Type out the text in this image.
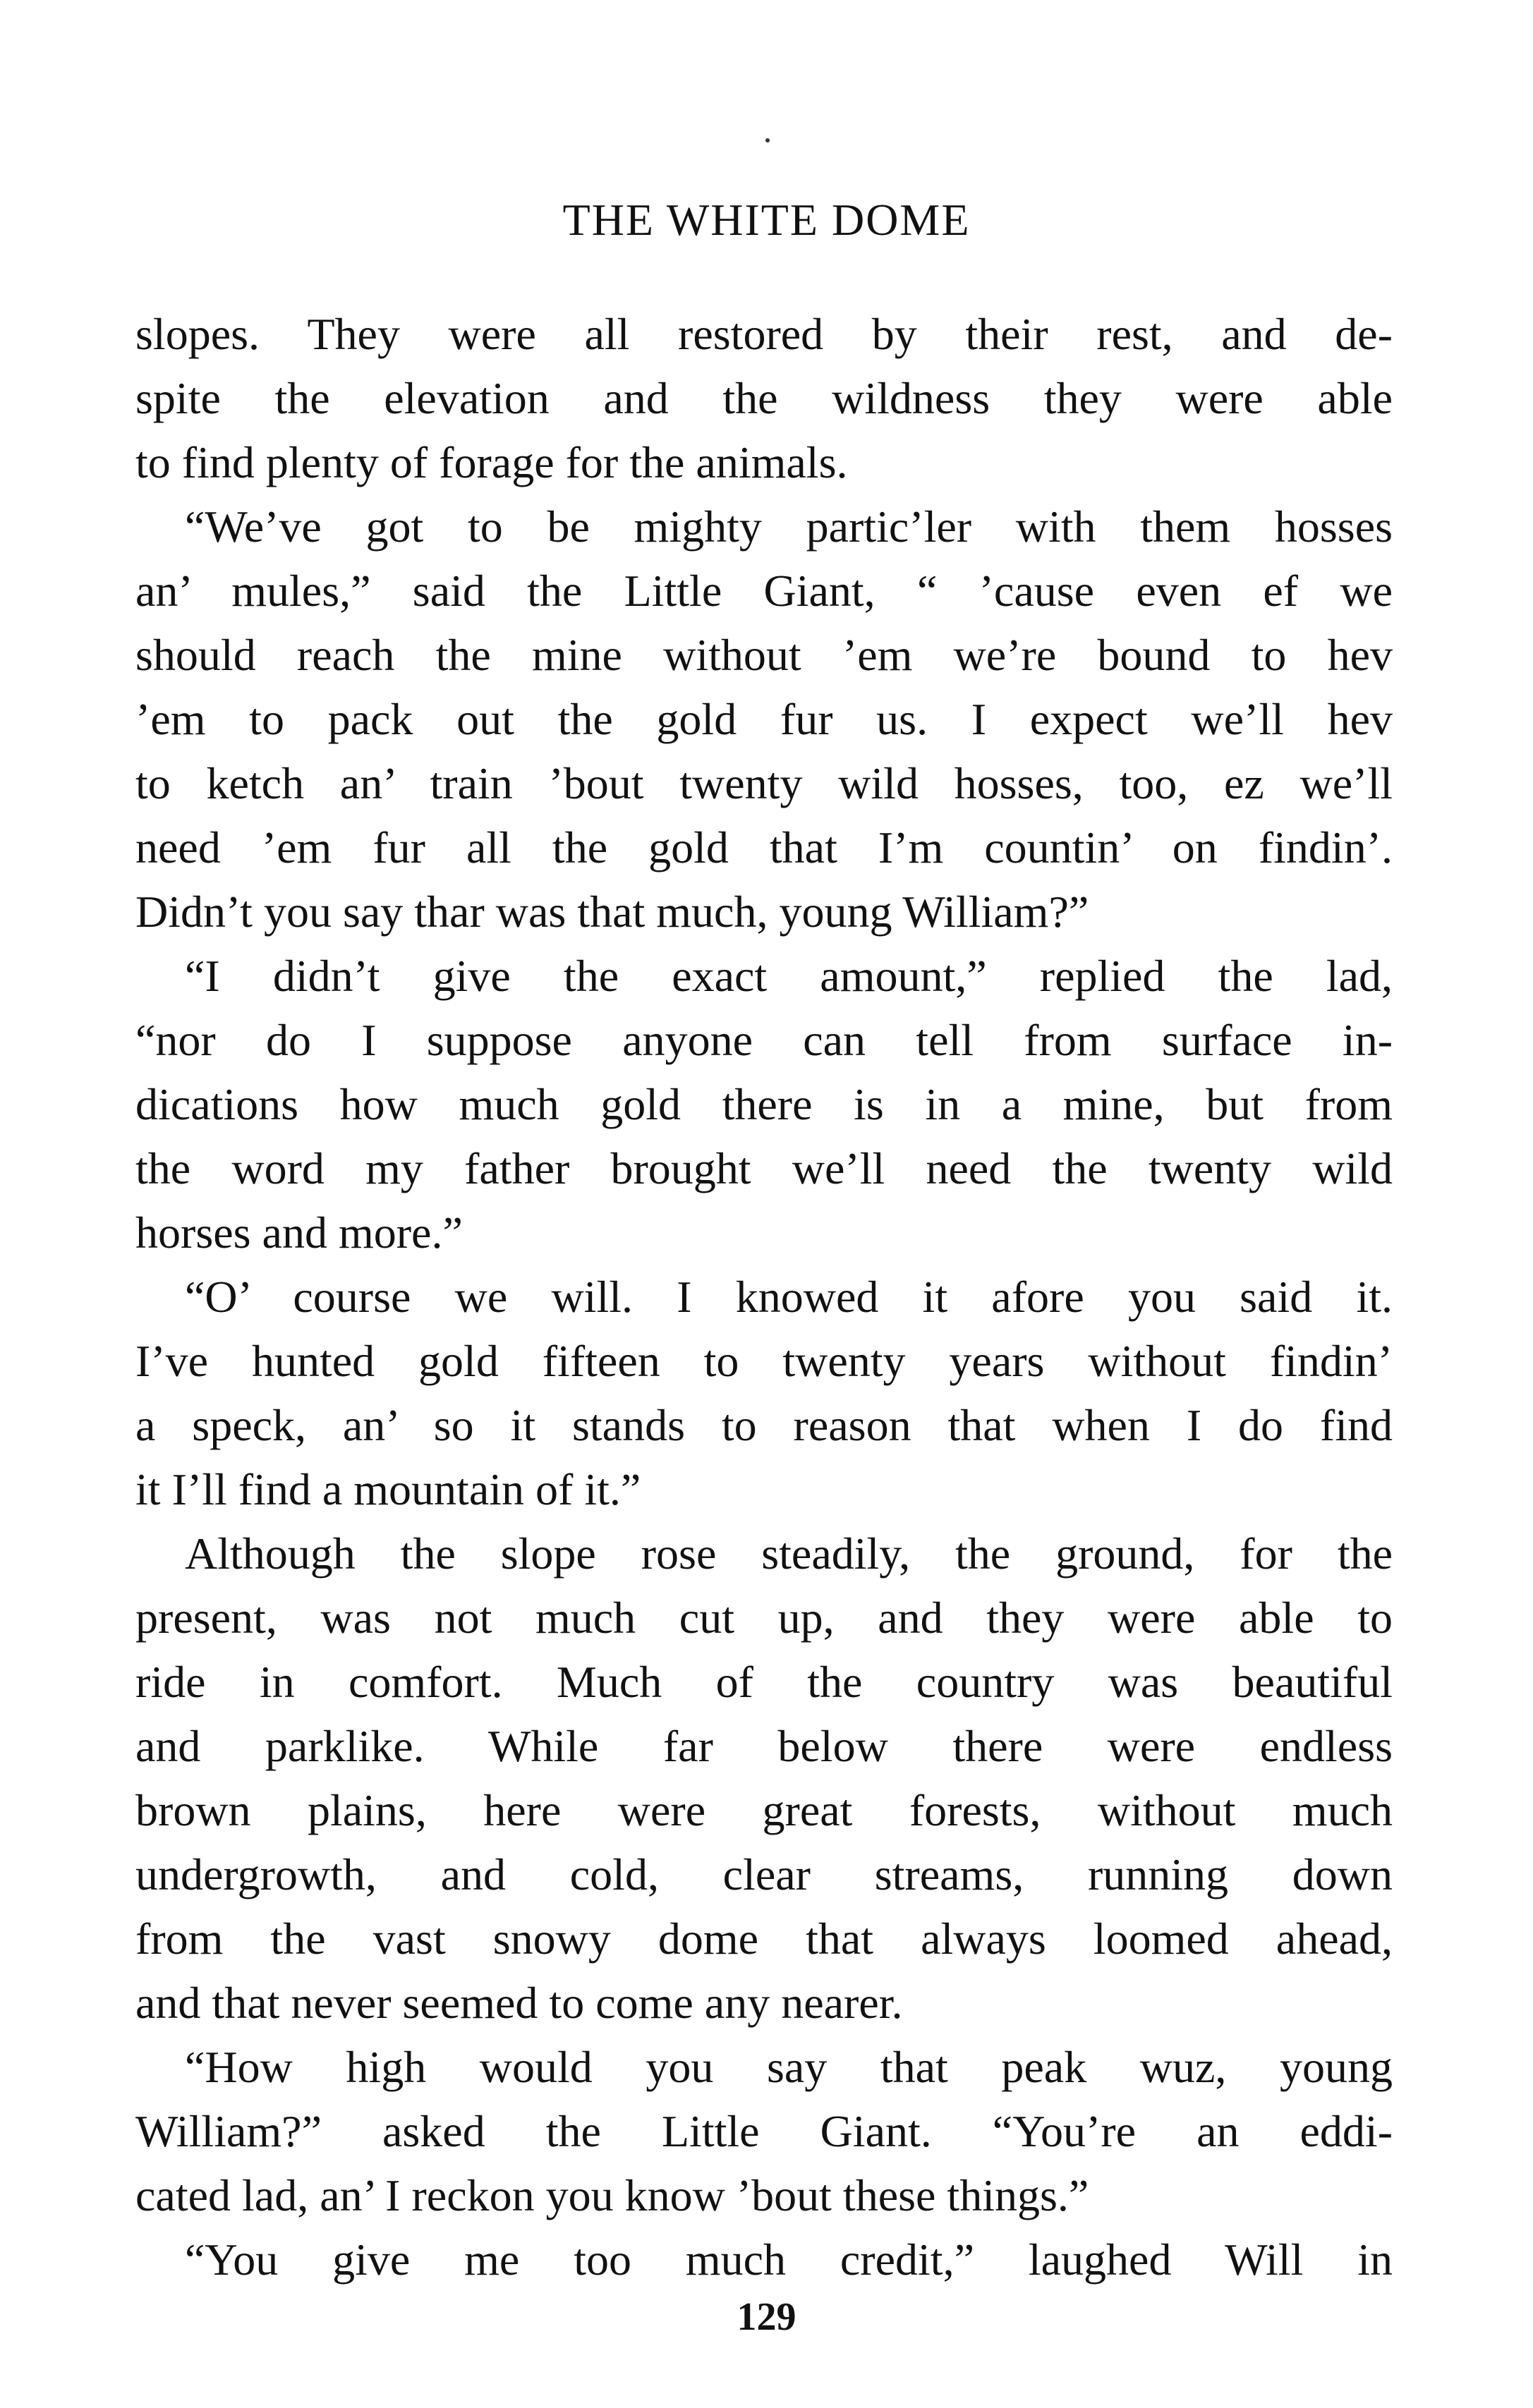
THE WHITE DOME
slopes. They were all restored by their rest, and de-
spite the elevation and the wildness they were able
to find plenty of forage for the animals.
“We’ve got to be mighty partic’ler with them hosses
an’ mules,” said the Little Giant, “ ’cause even ef we
should reach the mine without ’em we’re bound to hev
’em to pack out the gold fur us. I expect we’ll hev
to ketch an’ train ’bout twenty wild hosses, too, ez we’ll
need ’em fur all the gold that I’m countin’ on findin’.
Didn’t you say thar was that much, young William?”
“I didn’t give the exact amount,” replied the lad,
“nor do I suppose anyone can tell from surface in-
dications how much gold there is in a mine, but from
the word my father brought we’ll need the twenty wild
horses and more.”
“O’ course we will. I knowed it afore you said it.
I’ve hunted gold fifteen to twenty years without findin’
a speck, an’ so it stands to reason that when I do find
it I’ll find a mountain of it.”
Although the slope rose steadily, the ground, for the
present, was not much cut up, and they were able to
ride in comfort. Much of the country was beautiful
and parklike. While far below there were endless
brown plains, here were great forests, without much
undergrowth, and cold, clear streams, running down
from the vast snowy dome that always loomed ahead,
and that never seemed to come any nearer.
“How high would you say that peak wuz, young
William?” asked the Little Giant. “You’re an eddi-
cated lad, an’ I reckon you know ’bout these things.”
“You give me too much credit,” laughed Will in
129
